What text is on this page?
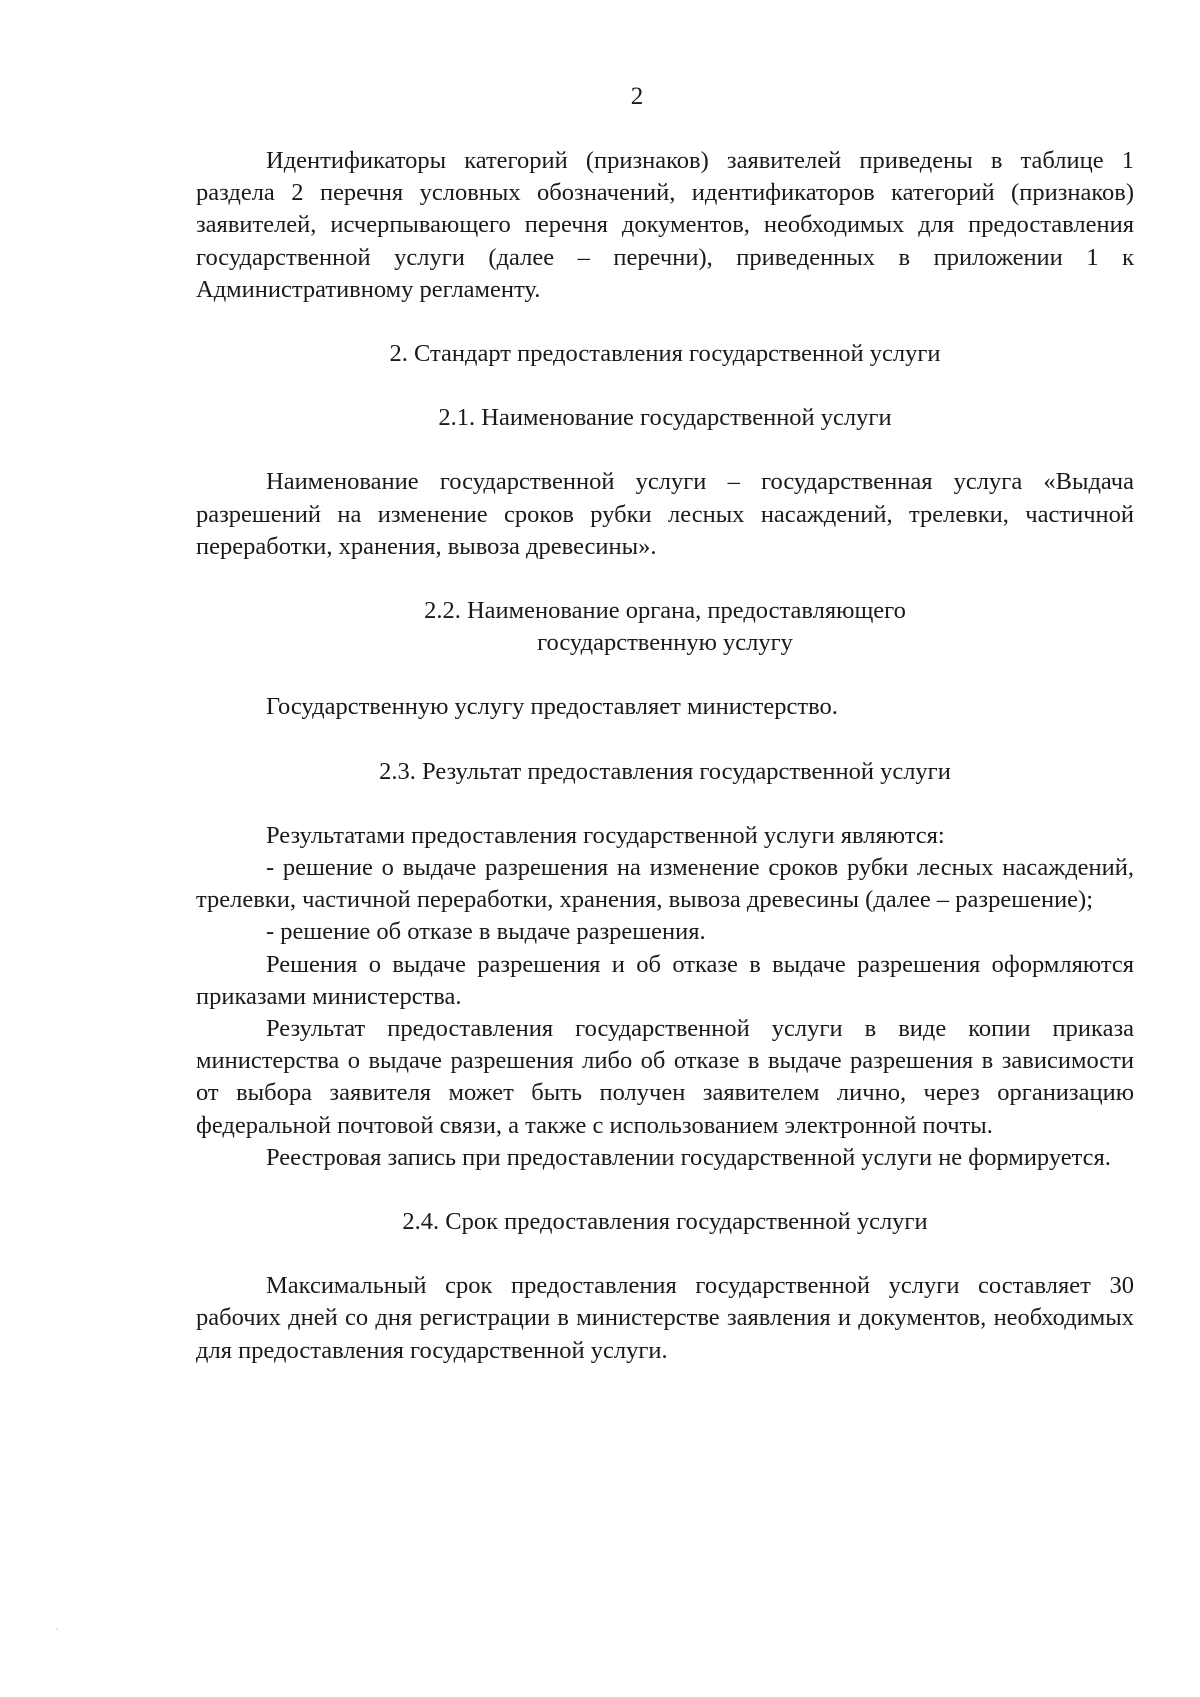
2

Идентификаторы категорий (признаков) заявителей приведены в таблице 1 раздела 2 перечня условных обозначений, идентификаторов категорий (признаков) заявителей, исчерпывающего перечня документов, необходимых для предоставления государственной услуги (далее – перечни), приведенных в приложении 1 к Административному регламенту.

2. Стандарт предоставления государственной услуги
2.1. Наименование государственной услуги

Наименование государственной услуги – государственная услуга «Выдача разрешений на изменение сроков рубки лесных насаждений, трелевки, частичной переработки, хранения, вывоза древесины».

2.2. Наименование органа, предоставляющего
государственную услугу

Государственную услугу предоставляет министерство.

2.3. Результат предоставления государственной услуги

Результатами предоставления государственной услуги являются:

- решение о выдаче разрешения на изменение сроков рубки лесных насаждений, трелевки, частичной переработки, хранения, вывоза древесины (далее – разрешение);

- решение об отказе в выдаче разрешения.

Решения о выдаче разрешения и об отказе в выдаче разрешения оформляются приказами министерства.

Результат предоставления государственной услуги в виде копии приказа министерства о выдаче разрешения либо об отказе в выдаче разрешения в зависимости от выбора заявителя может быть получен заявителем лично, через организацию федеральной почтовой связи, а также с использованием электронной почты.

Реестровая запись при предоставлении государственной услуги не формируется.

2.4. Срок предоставления государственной услуги

Максимальный срок предоставления государственной услуги составляет 30 рабочих дней со дня регистрации в министерстве заявления и документов, необходимых для предоставления государственной услуги.
